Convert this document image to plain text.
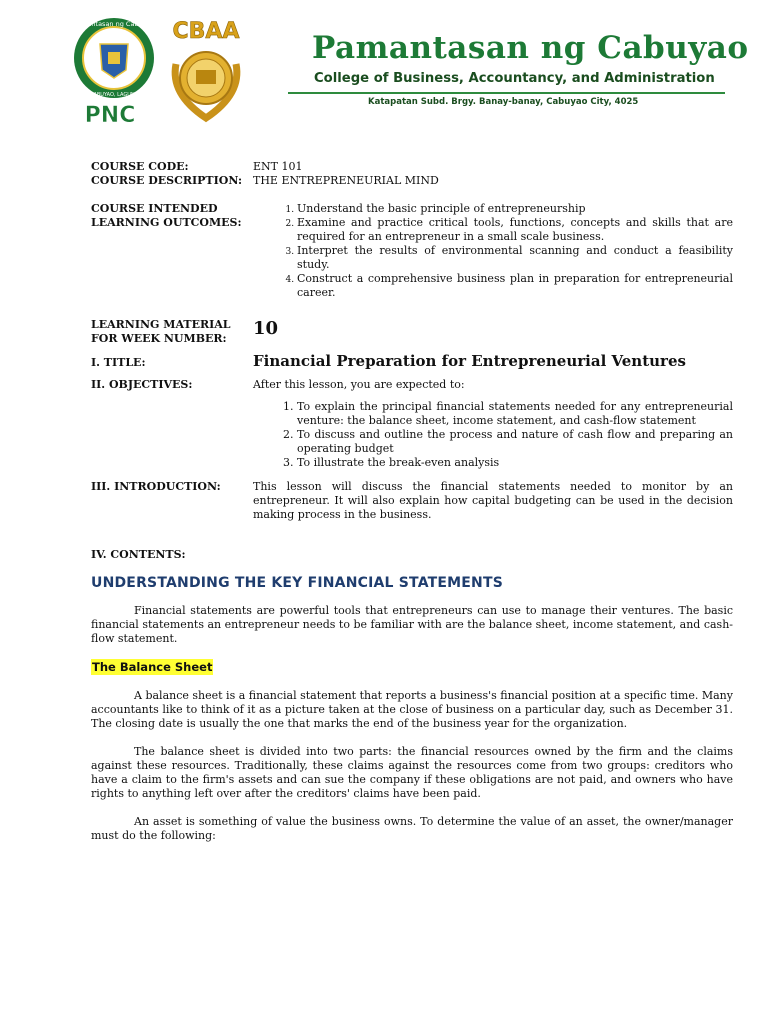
Pamantasan ng Cabuyao
CABUYAO, LAGUNA
PNC
CBAA Pamantasan ng Cabuyao
College of Business, Accountancy, and Administration
Katapatan Subd. Brgy. Banay-banay, Cabuyao City, 4025
COURSE CODE:	ENT 101
COURSE DESCRIPTION: THE ENTREPRENEURIAL MIND
COURSE INTENDED
LEARNING OUTCOMES:
1. Understand the basic principle of entrepreneurship
2. Examine and practice critical tools, functions, concepts and skills that are required for an entrepreneur in a small scale business.
3. Interpret the results of environmental scanning and conduct a feasibility study.
4. Construct a comprehensive business plan in preparation for entrepreneurial career.
LEARNING MATERIAL
FOR WEEK NUMBER:	10
I. TITLE:	Financial Preparation for Entrepreneurial Ventures
II. OBJECTIVES:	After this lesson, you are expected to:
1. To explain the principal financial statements needed for any entrepreneurial venture: the balance sheet, income statement, and cash-flow statement
2. To discuss and outline the process and nature of cash flow and preparing an operating budget
3. To illustrate the break-even analysis
III. INTRODUCTION:	This lesson will discuss the financial statements needed to monitor by an entrepreneur. It will also explain how capital budgeting can be used in the decision making process in the business.
IV. CONTENTS:
UNDERSTANDING THE KEY FINANCIAL STATEMENTS

Financial statements are powerful tools that entrepreneurs can use to manage their ventures. The basic financial statements an entrepreneur needs to be familiar with are the balance sheet, income statement, and cash-flow statement.

The Balance Sheet

A balance sheet is a financial statement that reports a business's financial position at a specific time. Many accountants like to think of it as a picture taken at the close of business on a particular day, such as December 31. The closing date is usually the one that marks the end of the business year for the organization.

The balance sheet is divided into two parts: the financial resources owned by the firm and the claims against these resources. Traditionally, these claims against the resources come from two groups: creditors who have a claim to the firm's assets and can sue the company if these obligations are not paid, and owners who have rights to anything left over after the creditors' claims have been paid.

An asset is something of value the business owns. To determine the value of an asset, the owner/manager must do the following:
